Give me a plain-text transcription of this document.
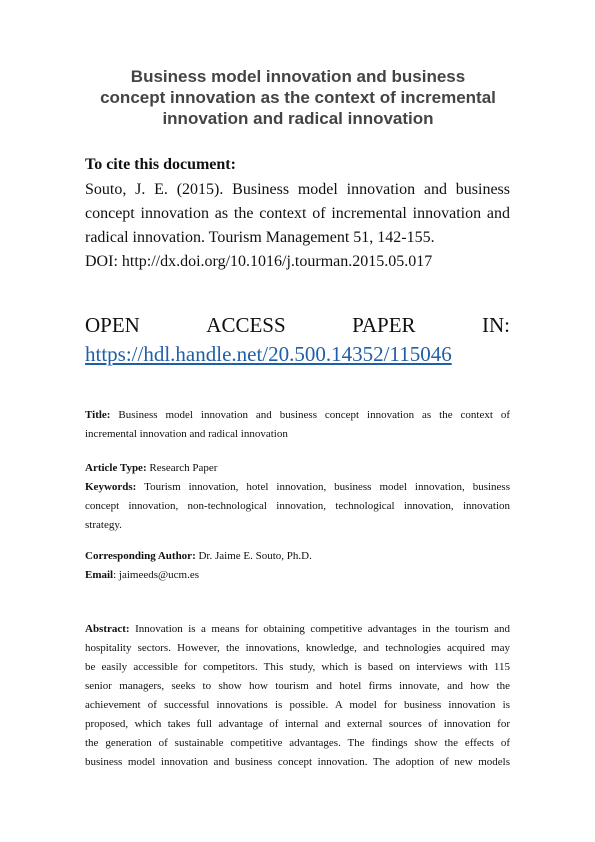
Business model innovation and business
concept innovation as the context of incremental
innovation and radical innovation

To cite this document:

Souto, J. E. (2015). Business model innovation and business
concept innovation as the context of incremental innovation and
radical innovation. Tourism Management 51, 142-155.
DOI: http://dx.doi.org/10.1016/j.tourman.2015.05.017
OPEN	ACCESS	PAPER	IN:
https://hdl.handle.net/20.500.14352/115046
Title: Business model innovation and business concept innovation as the context of
incremental innovation and radical innovation
Article Type: Research Paper
Keywords: Tourism innovation, hotel innovation, business model innovation, business
concept innovation, non-technological innovation, technological innovation, innovation
strategy.
Corresponding Author: Dr. Jaime E. Souto, Ph.D.
Email: jaimeeds@ucm.es
Abstract: Innovation is a means for obtaining competitive advantages in the tourism and
hospitality sectors. However, the innovations, knowledge, and technologies acquired may
be easily accessible for competitors. This study, which is based on interviews with 115
senior managers, seeks to show how tourism and hotel firms innovate, and how the
achievement of successful innovations is possible. A model for business innovation is
proposed, which takes full advantage of internal and external sources of innovation for
the generation of sustainable competitive advantages. The findings show the effects of
business model innovation and business concept innovation. The adoption of new models
